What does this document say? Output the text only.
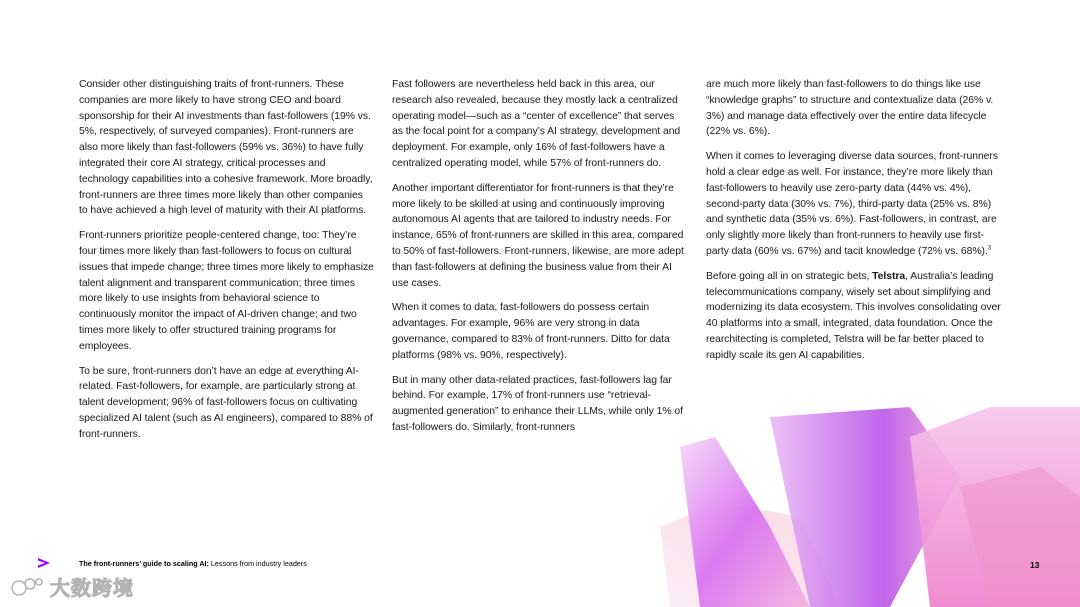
Consider other distinguishing traits of front-runners. These companies are more likely to have strong CEO and board sponsorship for their AI investments than fast-followers (19% vs. 5%, respectively, of surveyed companies). Front-runners are also more likely than fast-followers (59% vs. 36%) to have fully integrated their core AI strategy, critical processes and technology capabilities into a cohesive framework. More broadly, front-runners are three times more likely than other companies to have achieved a high level of maturity with their AI platforms.

Front-runners prioritize people-centered change, too: They’re four times more likely than fast-followers to focus on cultural issues that impede change; three times more likely to emphasize talent alignment and transparent communication; three times more likely to use insights from behavioral science to continuously monitor the impact of AI-driven change; and two times more likely to offer structured training programs for employees.

To be sure, front-runners don’t have an edge at everything AI-related. Fast-followers, for example, are particularly strong at talent development; 96% of fast-followers focus on cultivating specialized AI talent (such as AI engineers), compared to 88% of front-runners.

Fast followers are nevertheless held back in this area, our research also revealed, because they mostly lack a centralized operating model—such as a “center of excellence” that serves as the focal point for a company’s AI strategy, development and deployment. For example, only 16% of fast-followers have a centralized operating model, while 57% of front-runners do.

Another important differentiator for front-runners is that they’re more likely to be skilled at using and continuously improving autonomous AI agents that are tailored to industry needs. For instance, 65% of front-runners are skilled in this area, compared to 50% of fast-followers. Front-runners, likewise, are more adept than fast-followers at defining the business value from their AI use cases.

When it comes to data, fast-followers do possess certain advantages. For example, 96% are very strong in data governance, compared to 83% of front-runners. Ditto for data platforms (98% vs. 90%, respectively).

But in many other data-related practices, fast-followers lag far behind. For example, 17% of front-runners use “retrieval-augmented generation” to enhance their LLMs, while only 1% of fast-followers do. Similarly, front-runners

are much more likely than fast-followers to do things like use “knowledge graphs” to structure and contextualize data (26% v. 3%) and manage data effectively over the entire data lifecycle (22% vs. 6%).

When it comes to leveraging diverse data sources, front-runners hold a clear edge as well. For instance, they’re more likely than fast-followers to heavily use zero-party data (44% vs. 4%), second-party data (30% vs. 7%), third-party data (25% vs. 8%) and synthetic data (35% vs. 6%). Fast-followers, in contrast, are only slightly more likely than front-runners to heavily use first-party data (60% vs. 67%) and tacit knowledge (72% vs. 68%).$^3$

Before going all in on strategic bets, Telstra, Australia’s leading telecommunications company, wisely set about simplifying and modernizing its data ecosystem. This involves consolidating over 40 platforms into a small, integrated, data foundation. Once the rearchitecting is completed, Telstra will be far better placed to rapidly scale its gen AI capabilities.

The front-runners’ guide to scaling AI: Lessons from industry leaders	13
大数跨境
